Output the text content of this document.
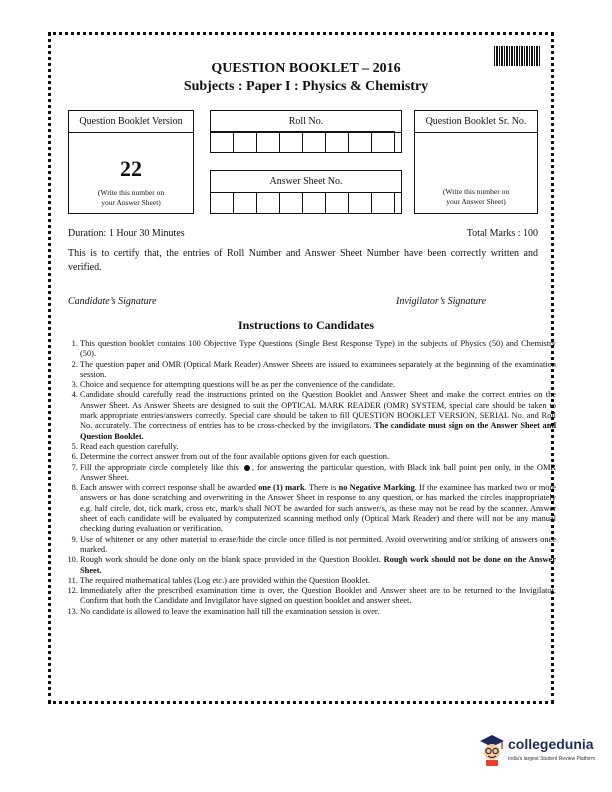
QUESTION BOOKLET – 2016
Subjects : Paper I : Physics & Chemistry
Question Booklet Version
22
(Write this number on
your Answer Sheet)
Roll No.
Answer Sheet No.
Question Booklet Sr. No.
(Write this number on
your Answer Sheet)
Duration: 1 Hour 30 Minutes	Total Marks : 100
This is to certify that, the entries of Roll Number and Answer Sheet Number have been correctly written and verified.
Candidate’s Signature	Invigilator’s Signature
Instructions to Candidates
1. This question booklet contains 100 Objective Type Questions (Single Best Response Type) in the subjects of Physics (50) and Chemistry (50).
2. The question paper and OMR (Optical Mark Reader) Answer Sheets are issued to examinees separately at the beginning of the examination session.
3. Choice and sequence for attempting questions will be as per the convenience of the candidate.
4. Candidate should carefully read the instructions printed on the Question Booklet and Answer Sheet and make the correct entries on the Answer Sheet. As Answer Sheets are designed to suit the OPTICAL MARK READER (OMR) SYSTEM, special care should be taken to mark appropriate entries/answers correctly. Special care should be taken to fill QUESTION BOOKLET VERSION, SERIAL No. and Roll No. accurately. The correctness of entries has to be cross-checked by the invigilators. The candidate must sign on the Answer Sheet and Question Booklet.
5. Read each question carefully.
6. Determine the correct answer from out of the four available options given for each question.
7. Fill the appropriate circle completely like this , for answering the particular question, with Black ink ball point pen only, in the OMR Answer Sheet.
8. Each answer with correct response shall be awarded one (1) mark. There is no Negative Marking. If the examinee has marked two or more answers or has done scratching and overwriting in the Answer Sheet in response to any question, or has marked the circles inappropriately e.g. half circle, dot, tick mark, cross etc, mark/s shall NOT be awarded for such answer/s, as these may not be read by the scanner. Answer sheet of each candidate will be evaluated by computerized scanning method only (Optical Mark Reader) and there will not be any manual checking during evaluation or verification.
9. Use of whitener or any other material to erase/hide the circle once filled is not permitted. Avoid overwriting and/or striking of answers once marked.
10. Rough work should be done only on the blank space provided in the Question Booklet. Rough work should not be done on the Answer Sheet.
11. The required mathematical tables (Log etc.) are provided within the Question Booklet.
12. Immediately after the prescribed examination time is over, the Question Booklet and Answer sheet are to be returned to the Invigilator. Confirm that both the Candidate and Invigilator have signed on question booklet and answer sheet.
13. No candidate is allowed to leave the examination hall till the examination session is over.
collegedunia
India's largest Student Review Platform
